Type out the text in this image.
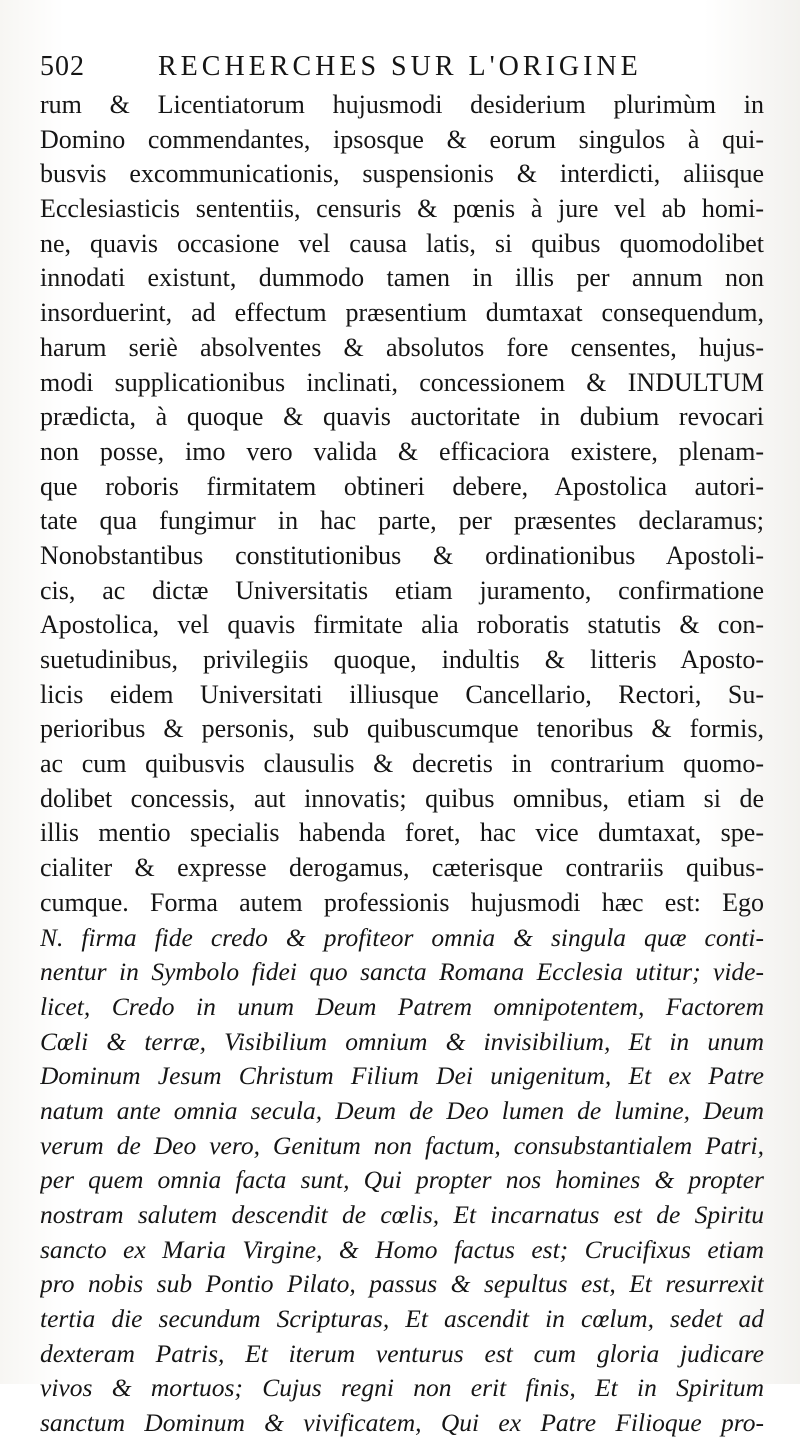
502	RECHERCHES SUR L'ORIGINE
rum & Licentiatorum hujusmodi desiderium plurimùm in
Domino commendantes, ipsosque & eorum singulos à qui-
busvis excommunicationis, suspensionis & interdicti, aliisque
Ecclesiasticis sententiis, censuris & pœnis à jure vel ab homi-
ne, quavis occasione vel causa latis, si quibus quomodolibet
innodati existunt, dummodo tamen in illis per annum non
insorduerint, ad effectum præsentium dumtaxat consequendum,
harum seriè absolventes & absolutos fore censentes, hujus-
modi supplicationibus inclinati, concessionem & INDULTUM
prædicta, à quoque & quavis auctoritate in dubium revocari
non posse, imo vero valida & efficaciora existere, plenam-
que roboris firmitatem obtineri debere, Apostolica autori-
tate qua fungimur in hac parte, per præsentes declaramus;
Nonobstantibus constitutionibus & ordinationibus Apostoli-
cis, ac dictæ Universitatis etiam juramento, confirmatione
Apostolica, vel quavis firmitate alia roboratis statutis & con-
suetudinibus, privilegiis quoque, indultis & litteris Aposto-
licis eidem Universitati illiusque Cancellario, Rectori, Su-
perioribus & personis, sub quibuscumque tenoribus & formis,
ac cum quibusvis clausulis & decretis in contrarium quomo-
dolibet concessis, aut innovatis; quibus omnibus, etiam si de
illis mentio specialis habenda foret, hac vice dumtaxat, spe-
cialiter & expresse derogamus, cæterisque contrariis quibus-
cumque. Forma autem professionis hujusmodi hæc est: Ego
N. firma fide credo & profiteor omnia & singula quæ conti-
nentur in Symbolo fidei quo sancta Romana Ecclesia utitur; vide-
licet, Credo in unum Deum Patrem omnipotentem, Factorem
Cœli & terræ, Visibilium omnium & invisibilium, Et in unum
Dominum Jesum Christum Filium Dei unigenitum, Et ex Patre
natum ante omnia secula, Deum de Deo lumen de lumine, Deum
verum de Deo vero, Genitum non factum, consubstantialem Patri,
per quem omnia facta sunt, Qui propter nos homines & propter
nostram salutem descendit de cœlis, Et incarnatus est de Spiritu
sancto ex Maria Virgine, & Homo factus est; Crucifixus etiam
pro nobis sub Pontio Pilato, passus & sepultus est, Et resurrexit
tertia die secundum Scripturas, Et ascendit in cœlum, sedet ad
dexteram Patris, Et iterum venturus est cum gloria judicare
vivos & mortuos; Cujus regni non erit finis, Et in Spiritum
sanctum Dominum & vivificatem, Qui ex Patre Filioque pro-
